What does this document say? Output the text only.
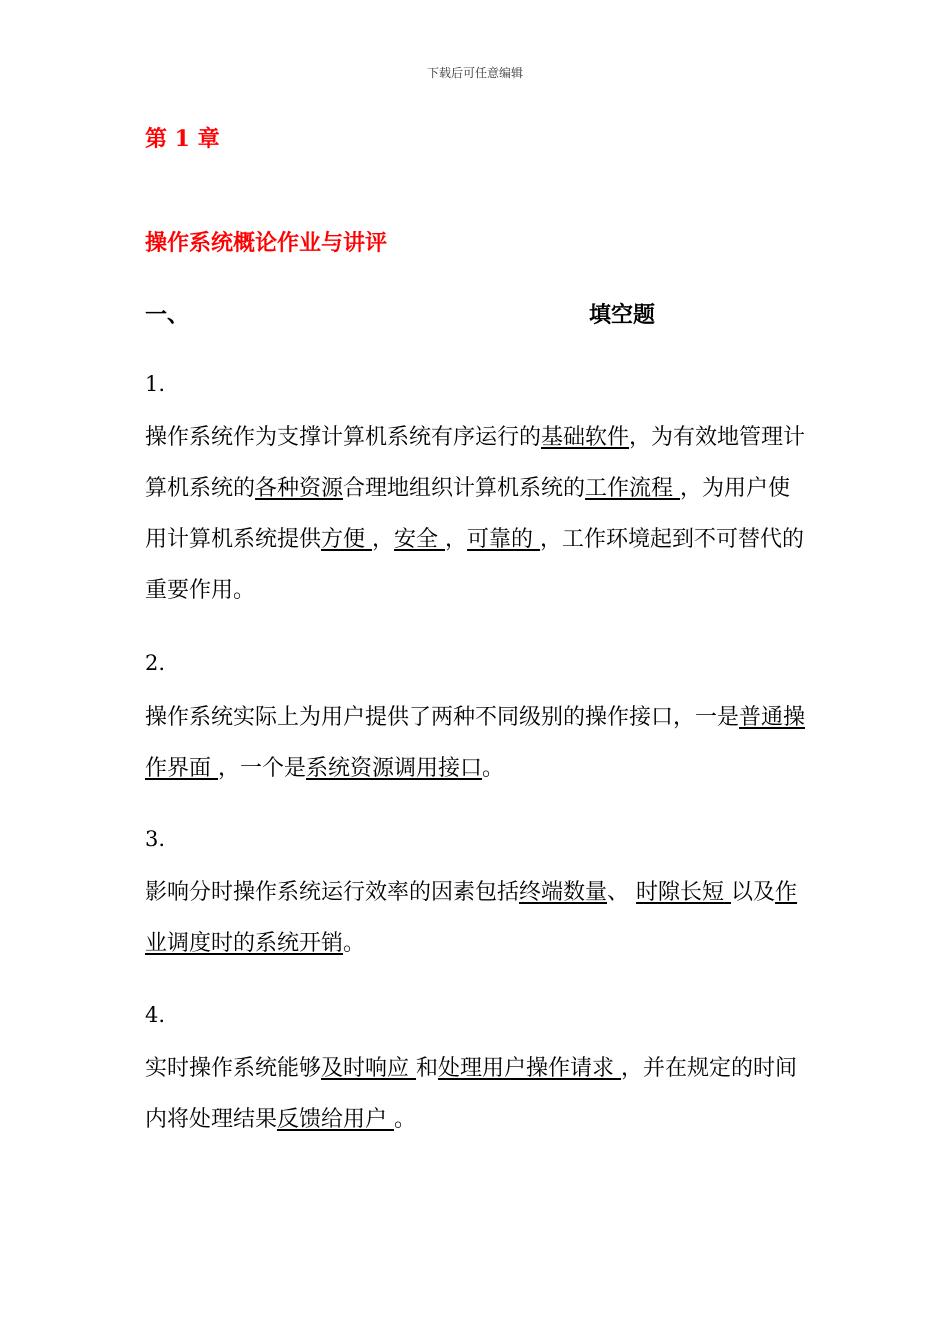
下载后可任意编辑
第 1 章
操作系统概论作业与讲评
一、	填空题
1.
操作系统作为支撑计算机系统有序运行的基础软件，为有效地管理计算机系统的各种资源合理地组织计算机系统的工作流程 ，为用户使用计算机系统提供方便 ，安全 ，可靠的 ，工作环境起到不可替代的重要作用。
2.
操作系统实际上为用户提供了两种不同级别的操作接口，一是普通操作界面 ，一个是系统资源调用接口。
3.
影响分时操作系统运行效率的因素包括终端数量、 时隙长短 以及作业调度时的系统开销。
4.
实时操作系统能够及时响应 和处理用户操作请求 ，并在规定的时间内将处理结果反馈给用户 。
